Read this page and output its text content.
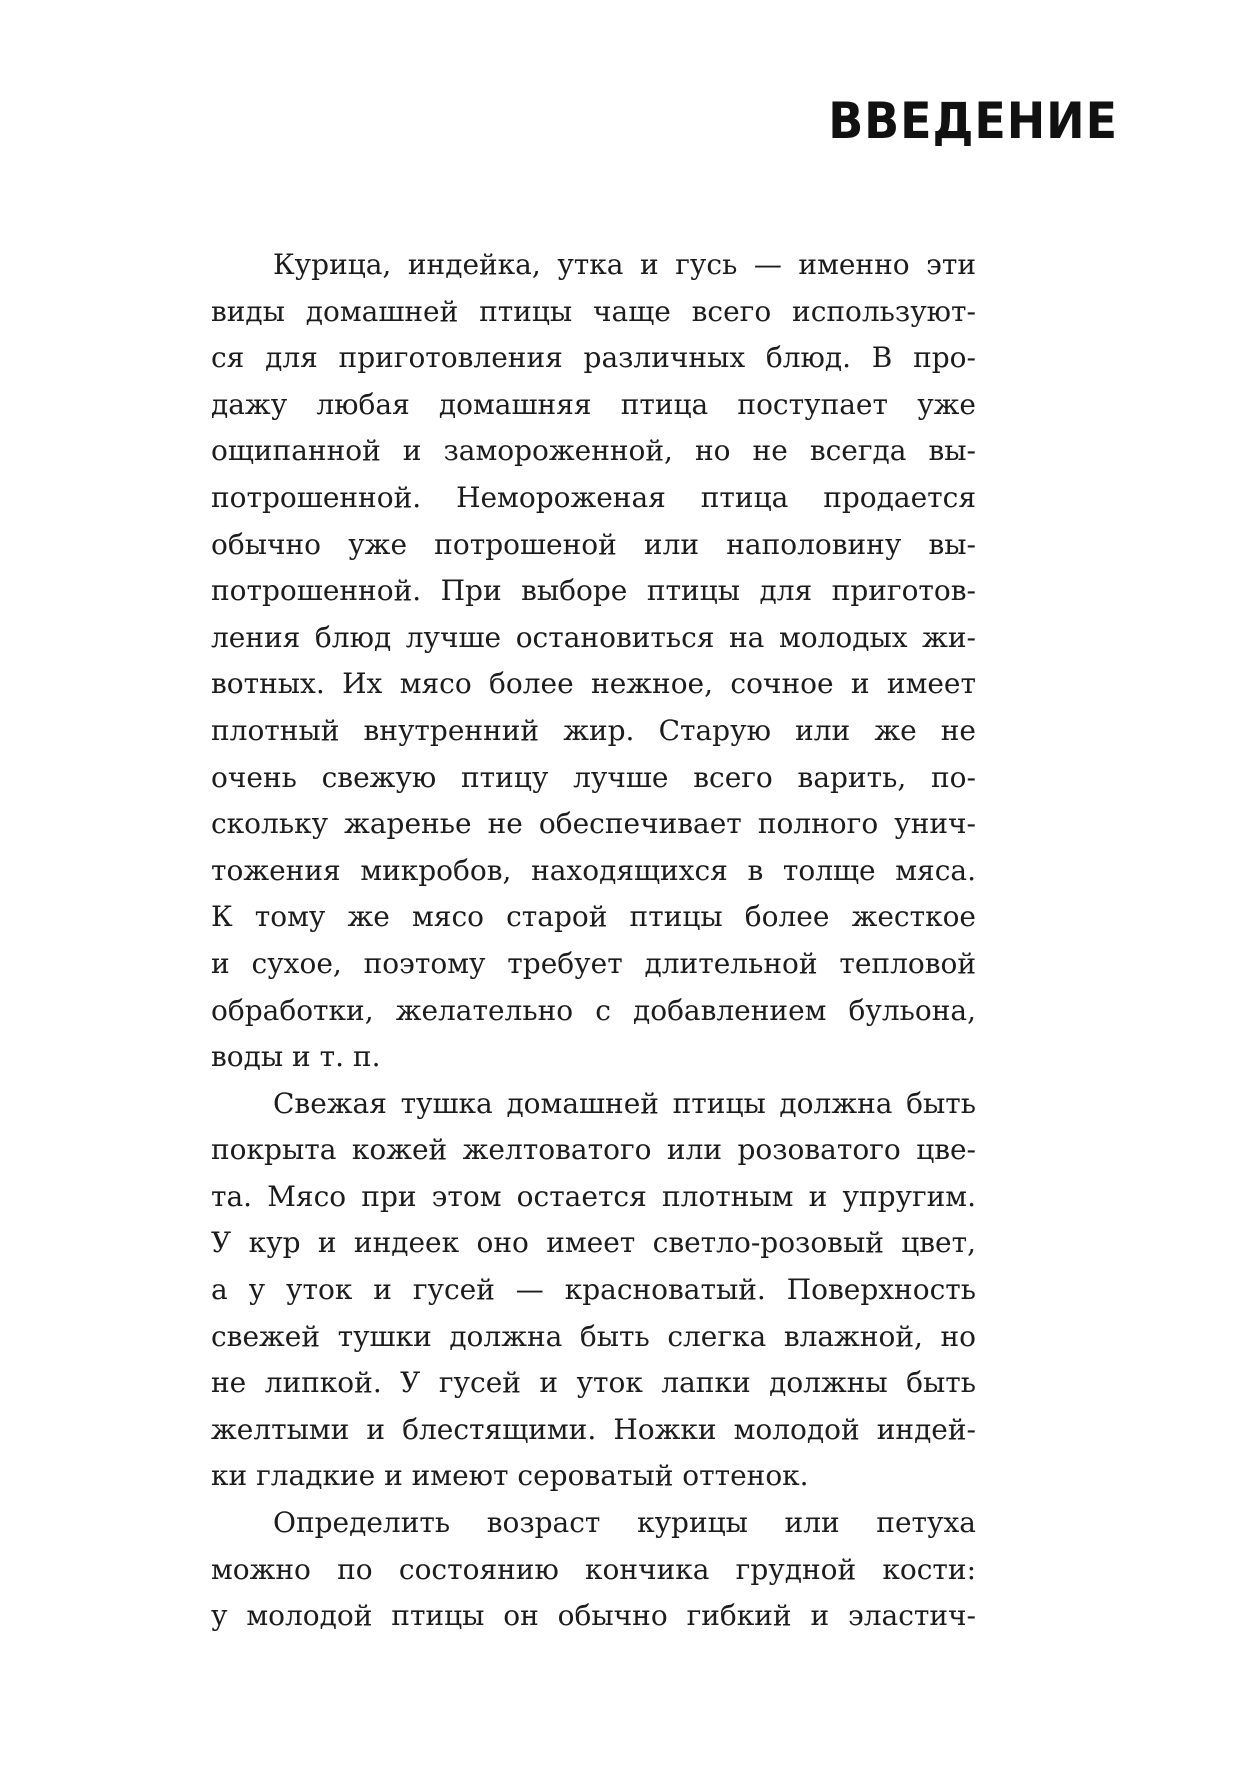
ВВЕДЕНИЕ
Курица, индейка, утка и гусь — именно эти
виды домашней птицы чаще всего используют-
ся для приготовления различных блюд. В про-
дажу любая домашняя птица поступает уже
ощипанной и замороженной, но не всегда вы-
потрошенной. Немороженая птица продается
обычно уже потрошеной или наполовину вы-
потрошенной. При выборе птицы для приготов-
ления блюд лучше остановиться на молодых жи-
вотных. Их мясо более нежное, сочное и имеет
плотный внутренний жир. Старую или же не
очень свежую птицу лучше всего варить, по-
скольку жаренье не обеспечивает полного унич-
тожения микробов, находящихся в толще мяса.
К тому же мясо старой птицы более жесткое
и сухое, поэтому требует длительной тепловой
обработки, желательно с добавлением бульона,
воды и т. п.
Свежая тушка домашней птицы должна быть
покрыта кожей желтоватого или розоватого цве-
та. Мясо при этом остается плотным и упругим.
У кур и индеек оно имеет светло-розовый цвет,
а у уток и гусей — красноватый. Поверхность
свежей тушки должна быть слегка влажной, но
не липкой. У гусей и уток лапки должны быть
желтыми и блестящими. Ножки молодой индей-
ки гладкие и имеют сероватый оттенок.
Определить возраст курицы или петуха
можно по состоянию кончика грудной кости:
у молодой птицы он обычно гибкий и эластич-
